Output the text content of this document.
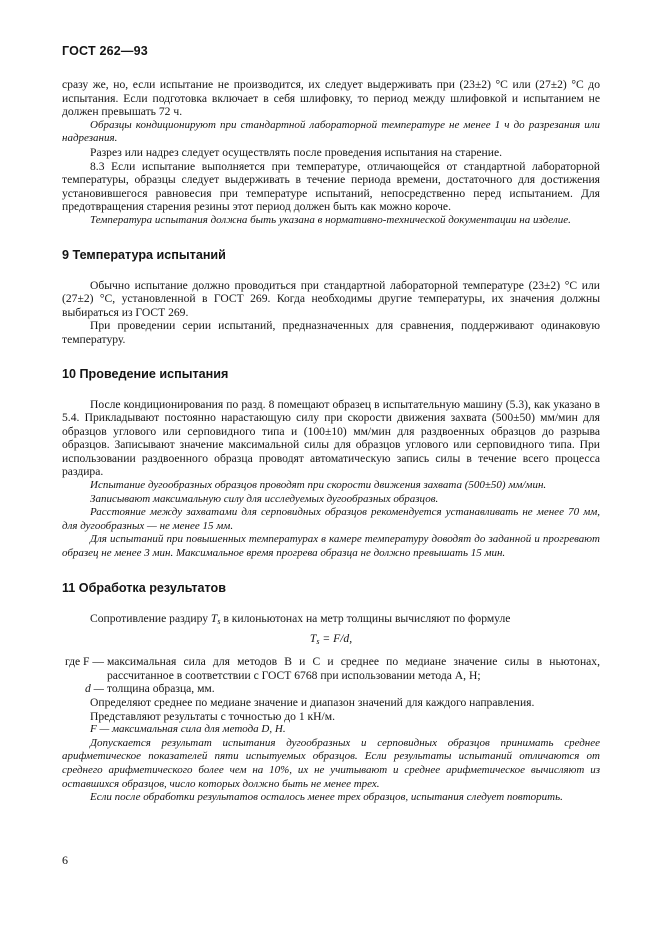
ГОСТ 262—93

сразу же, но, если испытание не производится, их следует выдерживать при (23±2) °С или (27±2) °С до испытания. Если подготовка включает в себя шлифовку, то период между шлифовкой и испытанием не должен превышать 72 ч.

Образцы кондиционируют при стандартной лабораторной температуре не менее 1 ч до разрезания или надрезания.

Разрез или надрез следует осуществлять после проведения испытания на старение.

8.3 Если испытание выполняется при температуре, отличающейся от стандартной лабораторной температуры, образцы следует выдерживать в течение периода времени, достаточного для достижения установившегося равновесия при температуре испытаний, непосредственно перед испытанием. Для предотвращения старения резины этот период должен быть как можно короче.

Температура испытания должна быть указана в нормативно-технической документации на изделие.

9 Температура испытаний

Обычно испытание должно проводиться при стандартной лабораторной температуре (23±2) °С или (27±2) °С, установленной в ГОСТ 269. Когда необходимы другие температуры, их значения должны выбираться из ГОСТ 269.

При проведении серии испытаний, предназначенных для сравнения, поддерживают одинаковую температуру.

10 Проведение испытания

После кондиционирования по разд. 8 помещают образец в испытательную машину (5.3), как указано в 5.4. Прикладывают постоянно нарастающую силу при скорости движения захвата (500±50) мм/мин для образцов углового или серповидного типа и (100±10) мм/мин для раздвоенных образцов до разрыва образцов. Записывают значение максимальной силы для образцов углового или серповидного типа. При использовании раздвоенного образца проводят автоматическую запись силы в течение всего процесса раздира.

Испытание дугообразных образцов проводят при скорости движения захвата (500±50) мм/мин.

Записывают максимальную силу для исследуемых дугообразных образцов.

Расстояние между захватами для серповидных образцов рекомендуется устанавливать не менее 70 мм, для дугообразных — не менее 15 мм.

Для испытаний при повышенных температурах в камере температуру доводят до заданной и прогревают образец не менее 3 мин. Максимальное время прогрева образца не должно превышать 15 мин.

11 Обработка результатов

Сопротивление раздиру $T_s$ в килоньютонах на метр толщины вычисляют по формуле

$T_s = F/d$,
где F — максимальная сила для методов В и С и среднее по медиане значение силы в ньютонах, рассчитанное в соответствии с ГОСТ 6768 при использовании метода А, Н;
d — толщина образца, мм.

Определяют среднее по медиане значение и диапазон значений для каждого направления.

Представляют результаты с точностью до 1 кН/м.

F — максимальная сила для метода D, H.

Допускается результат испытания дугообразных и серповидных образцов принимать среднее арифметическое показателей пяти испытуемых образцов. Если результаты испытаний отличаются от среднего арифметического более чем на 10%, их не учитывают и среднее арифметическое вычисляют из оставшихся образцов, число которых должно быть не менее трех.

Если после обработки результатов осталось менее трех образцов, испытания следует повторить.

6
